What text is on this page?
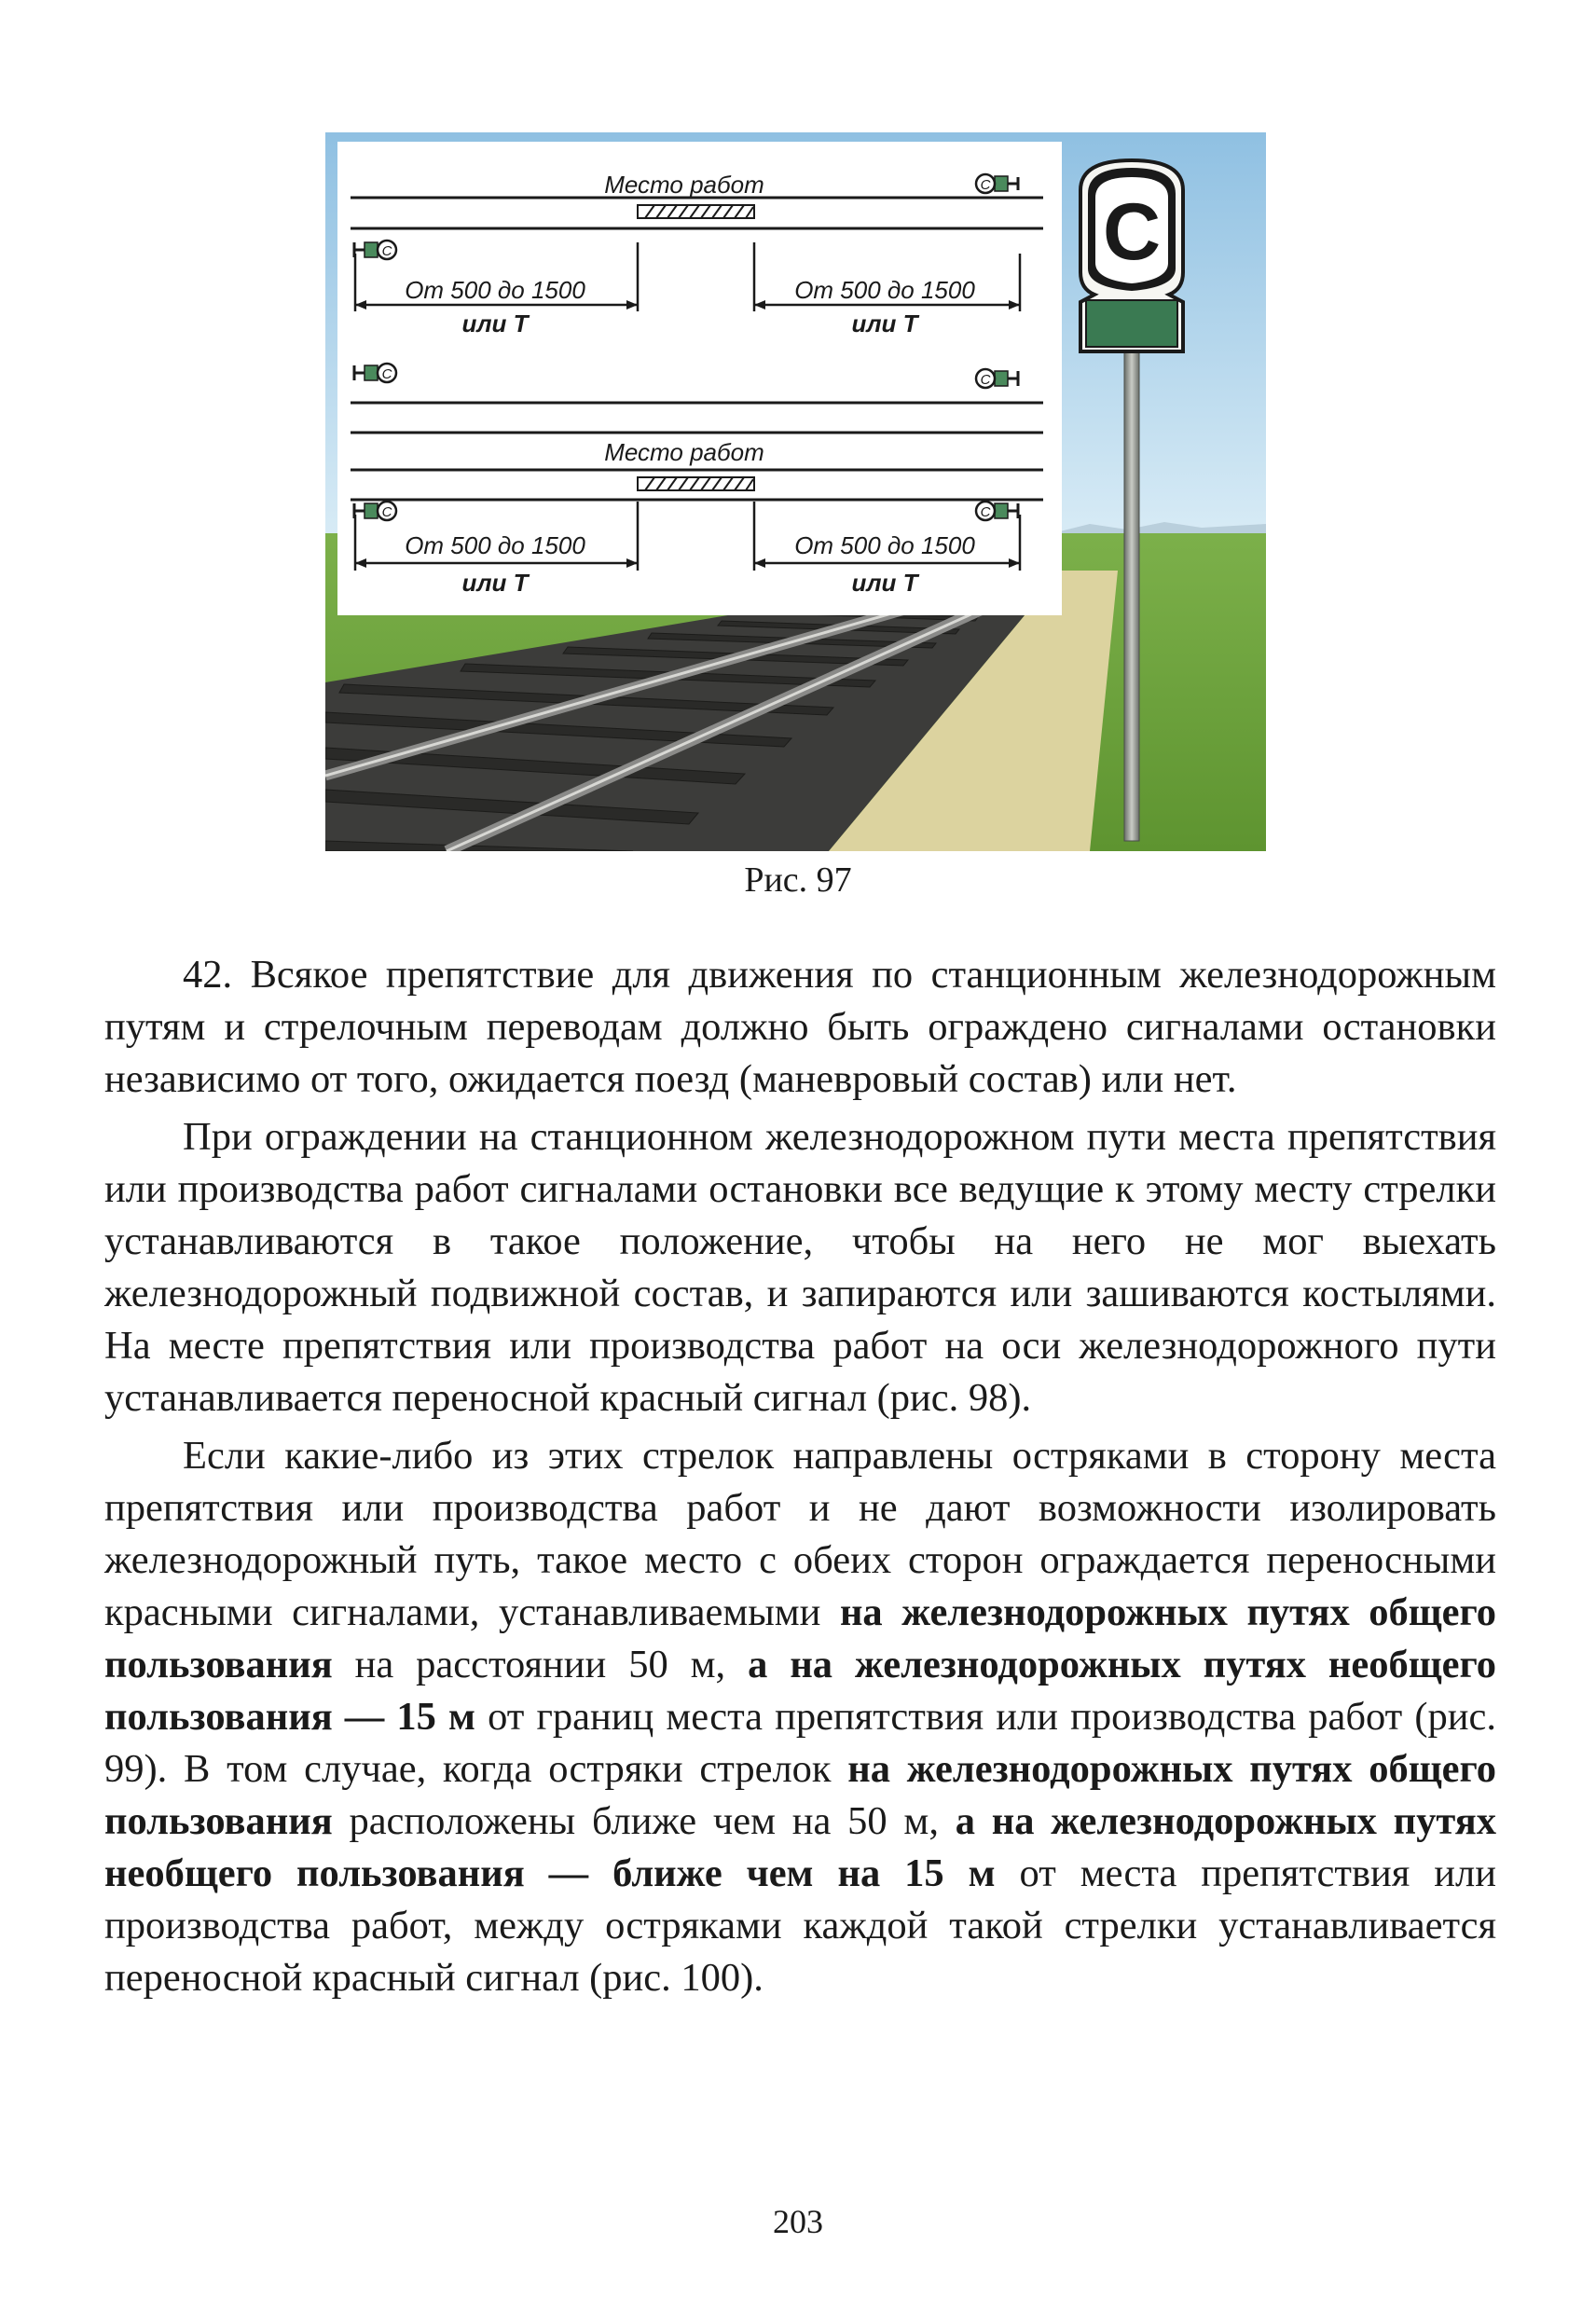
Место работ	С
С
От 500 до 1500
или Т
От 500 до 1500
или Т
Место работ
С	С
С	С
От 500 до 1500
или Т
От 500 до 1500
или Т
С
Рис. 97

42. Всякое препятствие для движения по станционным железнодорожным путям и стрелочным переводам должно быть ограждено сигналами остановки независимо от того, ожидается поезд (маневровый состав) или нет.

При ограждении на станционном железнодорожном пути места препятствия или производства работ сигналами остановки все ведущие к этому месту стрелки устанавливаются в такое положение, чтобы на него не мог выехать железнодорожный подвижной состав, и запираются или зашиваются костылями. На месте препятствия или производства работ на оси железнодорожного пути устанавливается переносной красный сигнал (рис. 98).

Если какие-либо из этих стрелок направлены остряками в сторону места препятствия или производства работ и не дают возможности изолировать железнодорожный путь, такое место с обеих сторон ограждается переносными красными сигналами, устанавливаемыми на железнодорожных путях общего пользования на расстоянии 50 м, а на железнодорожных путях необщего пользования — 15 м от границ места препятствия или производства работ (рис. 99). В том случае, когда остряки стрелок на железнодорожных путях общего пользования расположены ближе чем на 50 м, а на железнодорожных путях необщего пользования — ближе чем на 15 м от места препятствия или производства работ, между остряками каждой такой стрелки устанавливается переносной красный сигнал (рис. 100).

203
